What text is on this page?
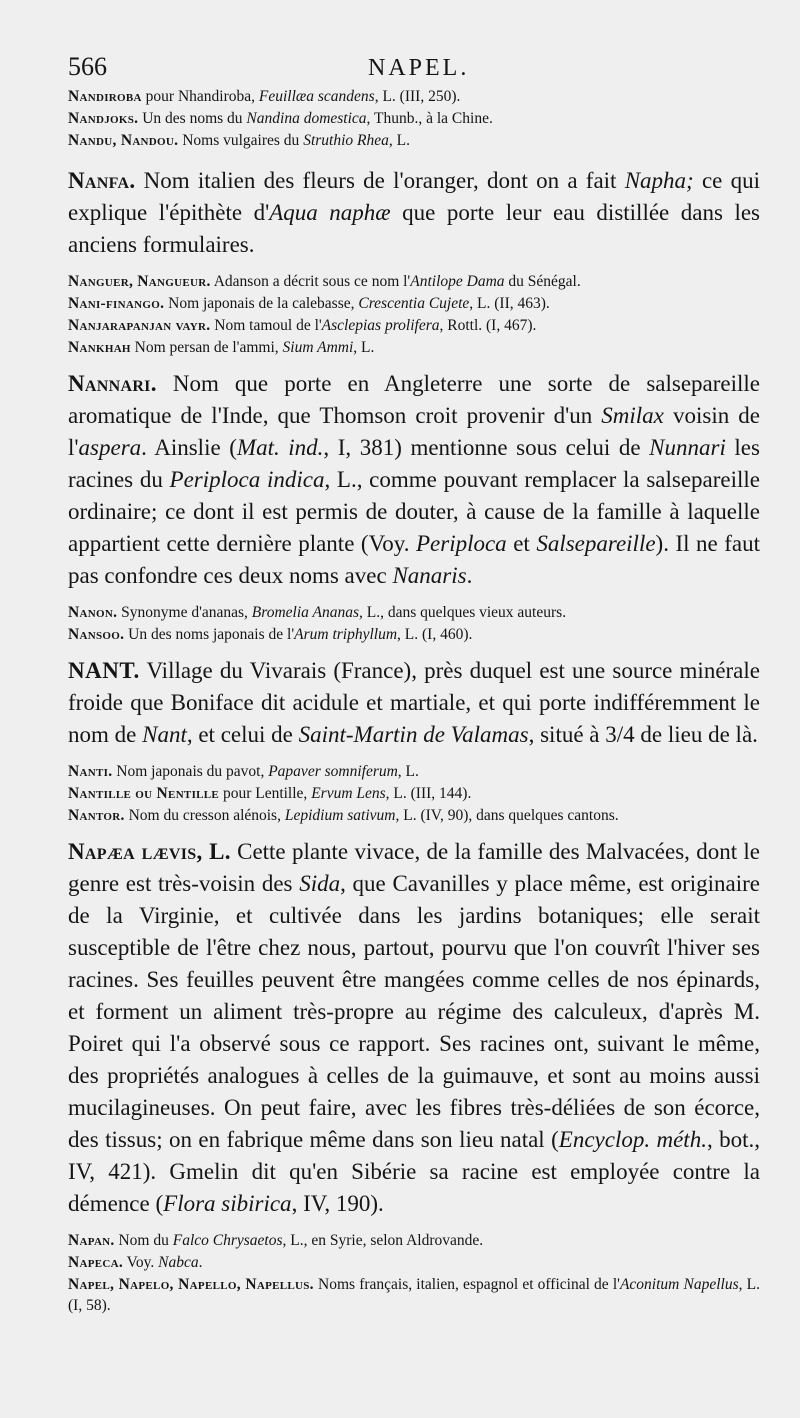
566	NAPEL.

Nandiroba pour Nhandiroba, Feuillæa scandens, L. (III, 250).

Nandjoks. Un des noms du Nandina domestica, Thunb., à la Chine.

Nandu, Nandou. Noms vulgaires du Struthio Rhea, L.

Nanfa. Nom italien des fleurs de l'oranger, dont on a fait Napha; ce qui explique l'épithète d'Aqua naphæ que porte leur eau distillée dans les anciens formulaires.

Nanguer, Nangueur. Adanson a décrit sous ce nom l'Antilope Dama du Sénégal.

Nani-finango. Nom japonais de la calebasse, Crescentia Cujete, L. (II, 463).

Nanjarapanjan vayr. Nom tamoul de l'Asclepias prolifera, Rottl. (I, 467).

Nankhah Nom persan de l'ammi, Sium Ammi, L.

Nannari. Nom que porte en Angleterre une sorte de salsepareille aromatique de l'Inde, que Thomson croit provenir d'un Smilax voisin de l'aspera. Ainslie (Mat. ind., I, 381) mentionne sous celui de Nunnari les racines du Periploca indica, L., comme pouvant remplacer la salsepareille ordinaire; ce dont il est permis de douter, à cause de la famille à laquelle appartient cette dernière plante (Voy. Periploca et Salsepareille). Il ne faut pas confondre ces deux noms avec Nanaris.

Nanon. Synonyme d'ananas, Bromelia Ananas, L., dans quelques vieux auteurs.

Nansoo. Un des noms japonais de l'Arum triphyllum, L. (I, 460).

NANT. Village du Vivarais (France), près duquel est une source minérale froide que Boniface dit acidule et martiale, et qui porte indifféremment le nom de Nant, et celui de Saint-Martin de Valamas, situé à 3/4 de lieu de là.

Nanti. Nom japonais du pavot, Papaver somniferum, L.

Nantille ou Nentille pour Lentille, Ervum Lens, L. (III, 144).

Nantor. Nom du cresson alénois, Lepidium sativum, L. (IV, 90), dans quelques cantons.

Napæa lævis, L. Cette plante vivace, de la famille des Malvacées, dont le genre est très-voisin des Sida, que Cavanilles y place même, est originaire de la Virginie, et cultivée dans les jardins botaniques; elle serait susceptible de l'être chez nous, partout, pourvu que l'on couvrît l'hiver ses racines. Ses feuilles peuvent être mangées comme celles de nos épinards, et forment un aliment très-propre au régime des calculeux, d'après M. Poiret qui l'a observé sous ce rapport. Ses racines ont, suivant le même, des propriétés analogues à celles de la guimauve, et sont au moins aussi mucilagineuses. On peut faire, avec les fibres très-déliées de son écorce, des tissus; on en fabrique même dans son lieu natal (Encyclop. méth., bot., IV, 421). Gmelin dit qu'en Sibérie sa racine est employée contre la démence (Flora sibirica, IV, 190).

Napan. Nom du Falco Chrysaetos, L., en Syrie, selon Aldrovande.

Napeca. Voy. Nabca.

Napel, Napelo, Napello, Napellus. Noms français, italien, espagnol et officinal de l'Aconitum Napellus, L. (I, 58).
